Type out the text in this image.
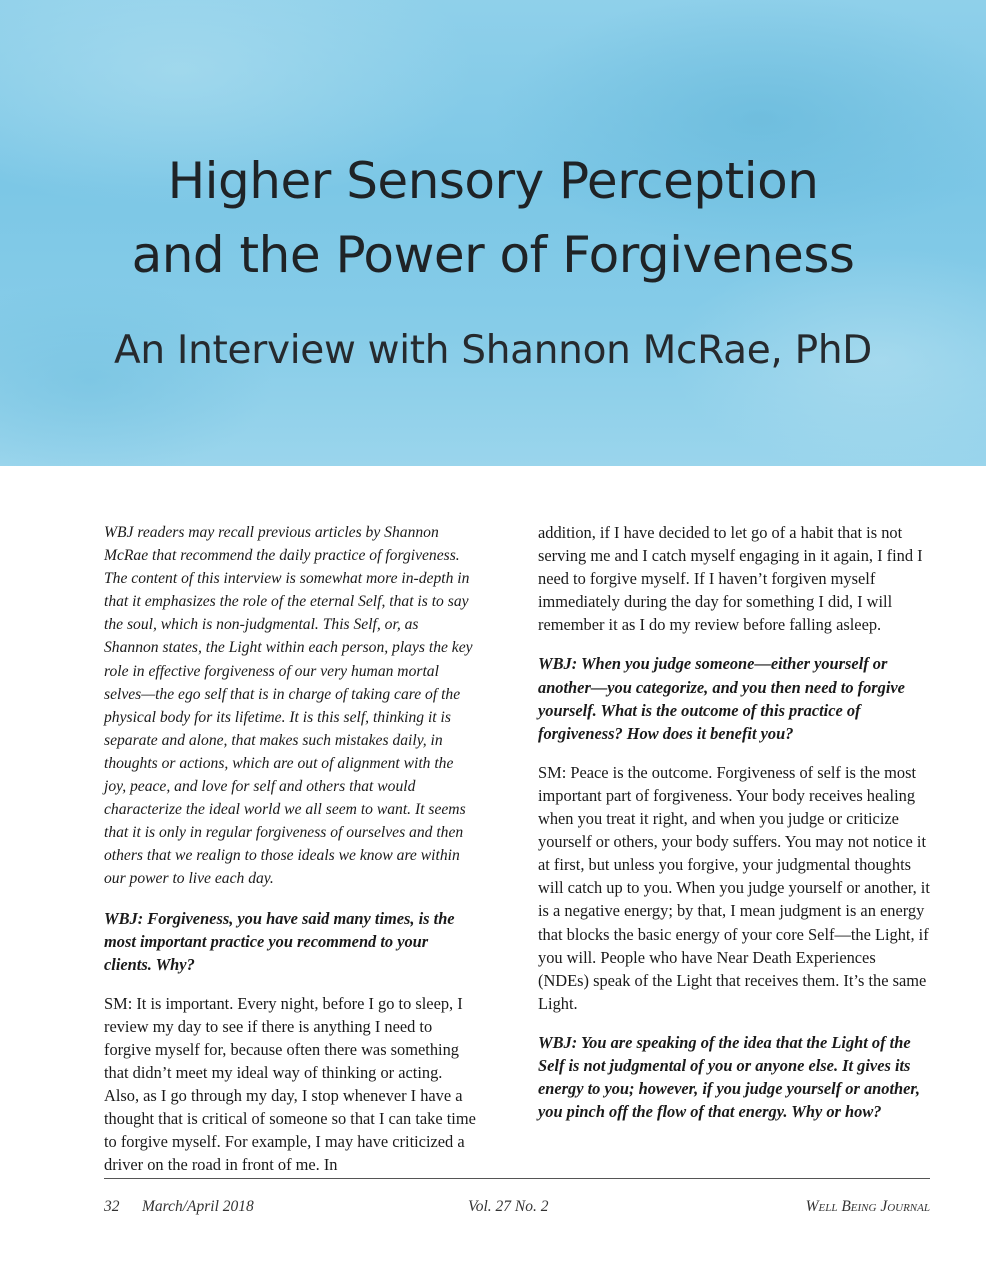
Higher Sensory Perception
and the Power of Forgiveness
An Interview with Shannon McRae, PhD

WBJ readers may recall previous articles by Shannon McRae that recommend the daily practice of forgiveness. The content of this interview is somewhat more in-depth in that it emphasizes the role of the eternal Self, that is to say the soul, which is non-judgmental. This Self, or, as Shannon states, the Light within each person, plays the key role in effective forgiveness of our very human mortal selves—the ego self that is in charge of taking care of the physical body for its lifetime. It is this self, thinking it is separate and alone, that makes such mistakes daily, in thoughts or actions, which are out of alignment with the joy, peace, and love for self and others that would characterize the ideal world we all seem to want. It seems that it is only in regular forgiveness of ourselves and then others that we realign to those ideals we know are within our power to live each day.

WBJ: Forgiveness, you have said many times, is the most important practice you recommend to your clients. Why?

SM: It is important. Every night, before I go to sleep, I review my day to see if there is anything I need to forgive myself for, because often there was something that didn’t meet my ideal way of thinking or acting. Also, as I go through my day, I stop whenever I have a thought that is critical of someone so that I can take time to forgive myself. For example, I may have criticized a driver on the road in front of me. In

addition, if I have decided to let go of a habit that is not serving me and I catch myself engaging in it again, I find I need to forgive myself. If I haven’t forgiven myself immediately during the day for something I did, I will remember it as I do my review before falling asleep.

WBJ: When you judge someone—either yourself or another—you categorize, and you then need to forgive yourself. What is the outcome of this practice of forgiveness? How does it benefit you?

SM: Peace is the outcome. Forgiveness of self is the most important part of forgiveness. Your body receives healing when you treat it right, and when you judge or criticize yourself or others, your body suffers. You may not notice it at first, but unless you forgive, your judgmental thoughts will catch up to you. When you judge yourself or another, it is a negative energy; by that, I mean judgment is an energy that blocks the basic energy of your core Self—the Light, if you will. People who have Near Death Experiences (NDEs) speak of the Light that receives them. It’s the same Light.

WBJ: You are speaking of the idea that the Light of the Self is not judgmental of you or anyone else. It gives its energy to you; however, if you judge yourself or another, you pinch off the flow of that energy. Why or how?

32 March/April 2018	Vol. 27 No. 2	Well Being Journal
